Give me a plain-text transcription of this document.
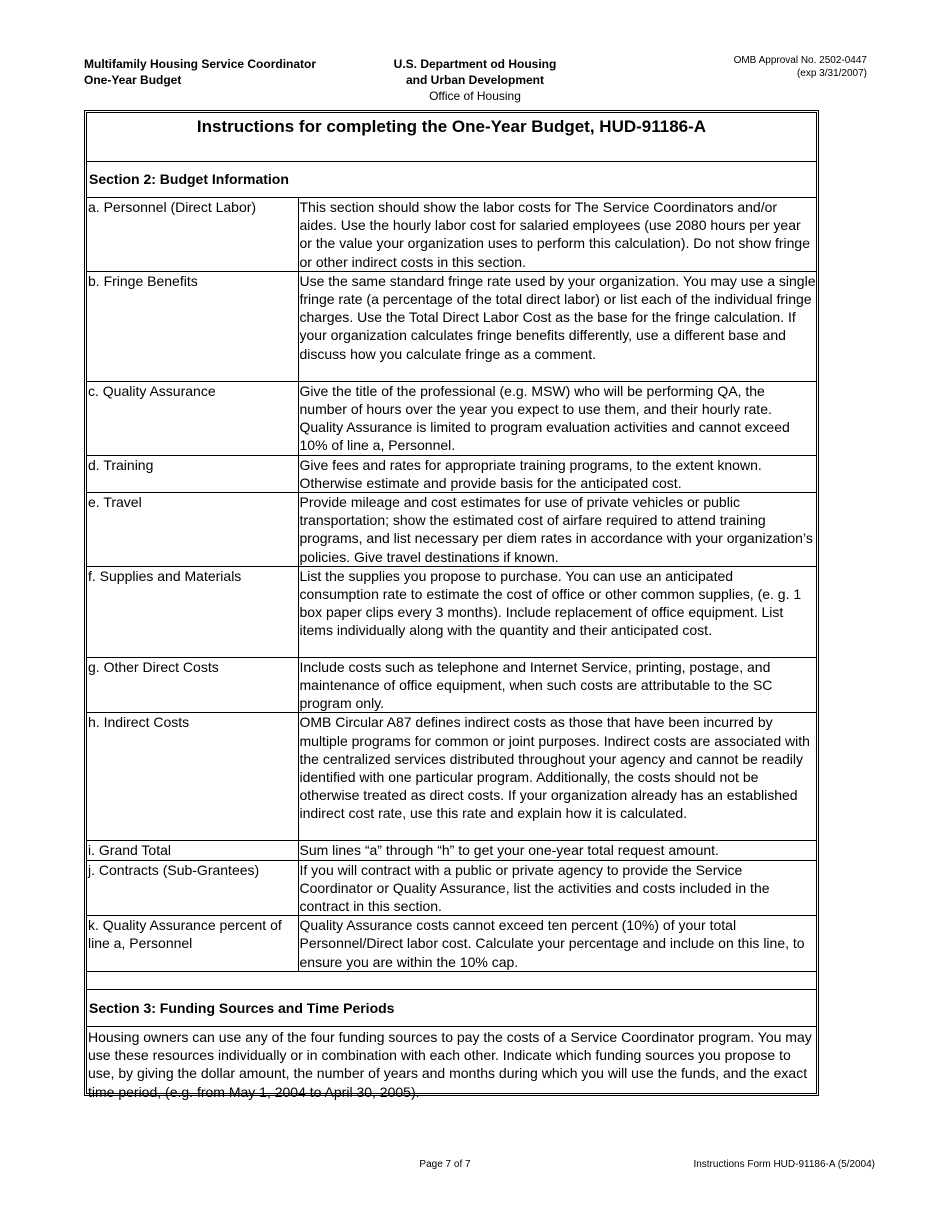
Multifamily Housing Service Coordinator
One-Year Budget
U.S. Department od Housing
and Urban Development
Office of Housing
OMB Approval No. 2502-0447
(exp 3/31/2007)
Instructions for completing the One-Year Budget, HUD-91186-A
Section 2: Budget Information
a. Personnel (Direct Labor)	This section should show the labor costs for The Service Coordinators and/or aides. Use the hourly labor cost for salaried employees (use 2080 hours per year or the value your organization uses to perform this calculation). Do not show fringe or other indirect costs in this section.
b. Fringe Benefits	Use the same standard fringe rate used by your organization. You may use a single fringe rate (a percentage of the total direct labor) or list each of the individual fringe charges. Use the Total Direct Labor Cost as the base for the fringe calculation. If your organization calculates fringe benefits differently, use a different base and discuss how you calculate fringe as a comment.
c. Quality Assurance	Give the title of the professional (e.g. MSW) who will be performing QA, the number of hours over the year you expect to use them, and their hourly rate. Quality Assurance is limited to program evaluation activities and cannot exceed 10% of line a, Personnel.
d. Training	Give fees and rates for appropriate training programs, to the extent known. Otherwise estimate and provide basis for the anticipated cost.
e. Travel	Provide mileage and cost estimates for use of private vehicles or public transportation; show the estimated cost of airfare required to attend training programs, and list necessary per diem rates in accordance with your organization’s policies. Give travel destinations if known.
f. Supplies and Materials	List the supplies you propose to purchase. You can use an anticipated consumption rate to estimate the cost of office or other common supplies, (e. g. 1 box paper clips every 3 months). Include replacement of office equipment. List items individually along with the quantity and their anticipated cost.
g. Other Direct Costs	Include costs such as telephone and Internet Service, printing, postage, and maintenance of office equipment, when such costs are attributable to the SC program only.
h. Indirect Costs	OMB Circular A87 defines indirect costs as those that have been incurred by multiple programs for common or joint purposes. Indirect costs are associated with the centralized services distributed throughout your agency and cannot be readily identified with one particular program. Additionally, the costs should not be otherwise treated as direct costs. If your organization already has an established indirect cost rate, use this rate and explain how it is calculated.
i. Grand Total	Sum lines “a” through “h” to get your one-year total request amount.
j. Contracts (Sub-Grantees)	If you will contract with a public or private agency to provide the Service Coordinator or Quality Assurance, list the activities and costs included in the contract in this section.
k. Quality Assurance percent of line a, Personnel	Quality Assurance costs cannot exceed ten percent (10%) of your total Personnel/Direct labor cost. Calculate your percentage and include on this line, to ensure you are within the 10% cap.
Section 3: Funding Sources and Time Periods
Housing owners can use any of the four funding sources to pay the costs of a Service Coordinator program. You may use these resources individually or in combination with each other. Indicate which funding sources you propose to use, by giving the dollar amount, the number of years and months during which you will use the funds, and the exact time period, (e.g. from May 1, 2004 to April 30, 2005).
Page 7 of 7	Instructions Form HUD-91186-A (5/2004)
